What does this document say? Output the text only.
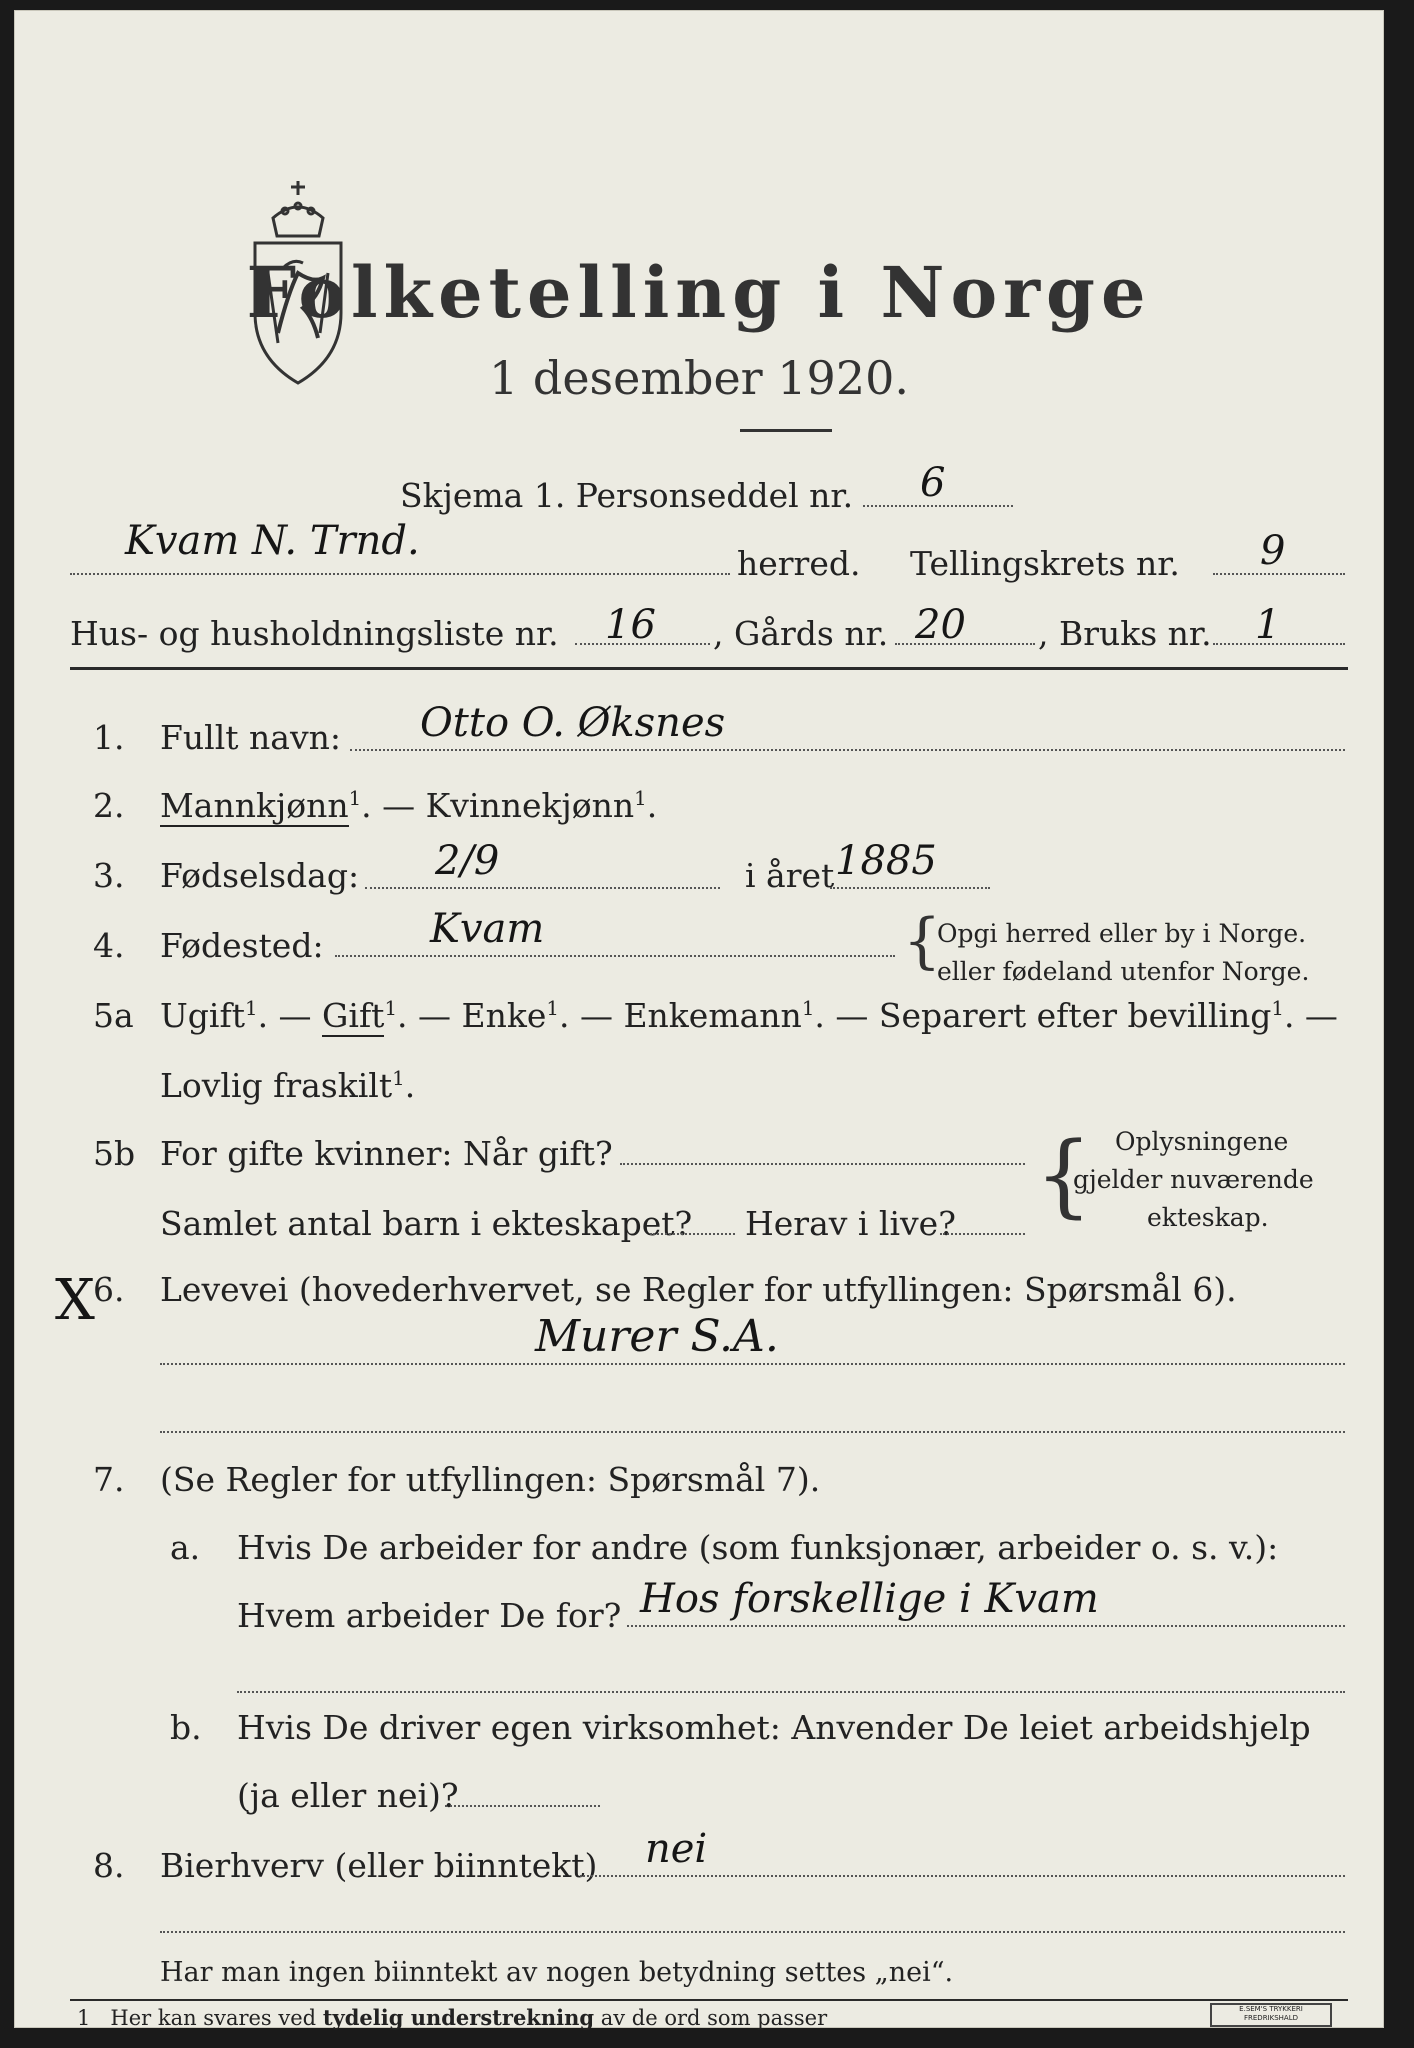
Folketelling i Norge
1 desember 1920.
Skjema 1. Personseddel nr. 6
Kvam N. Trnd.	herred. Tellingskrets nr. 9
Hus- og husholdningsliste nr. 16 , Gårds nr. 20 , Bruks nr. 1
1. Fullt navn: Otto O. Øksnes
2. Mannkjønn$^1$. — Kvinnekjønn$^1$.
3. Fødselsdag: 2/9	i året 1885
4. Fødested:	Kvam	{
Opgi herred eller by i Norge.
eller fødeland utenfor Norge.
5a Ugift$^1$. — Gift$^1$. — Enke$^1$. — Enkemann$^1$. — Separert efter bevilling$^1$. —
Lovlig fraskilt$^1$.
5b For gifte kvinner: Når gift?
Samlet antal barn i ekteskapet? Herav i live? { Oplysningene
gjelder nuværende
ekteskap.
X
6. Levevei (hovederhvervet, se Regler for utfyllingen: Spørsmål 6).
Murer S.A.
7. (Se Regler for utfyllingen: Spørsmål 7).
a. Hvis De arbeider for andre (som funksjonær, arbeider o. s. v.):
Hvem arbeider De for? Hos forskellige i Kvam
b. Hvis De driver egen virksomhet: Anvender De leiet arbeidshjelp
(ja eller nei)?
8. Bierhverv (eller biinntekt) nei
Har man ingen biinntekt av nogen betydning settes „nei“.
1 Her kan svares ved tydelig understrekning av de ord som passer	E.SEM'S TRYKKERI FREDRIKSHALD
